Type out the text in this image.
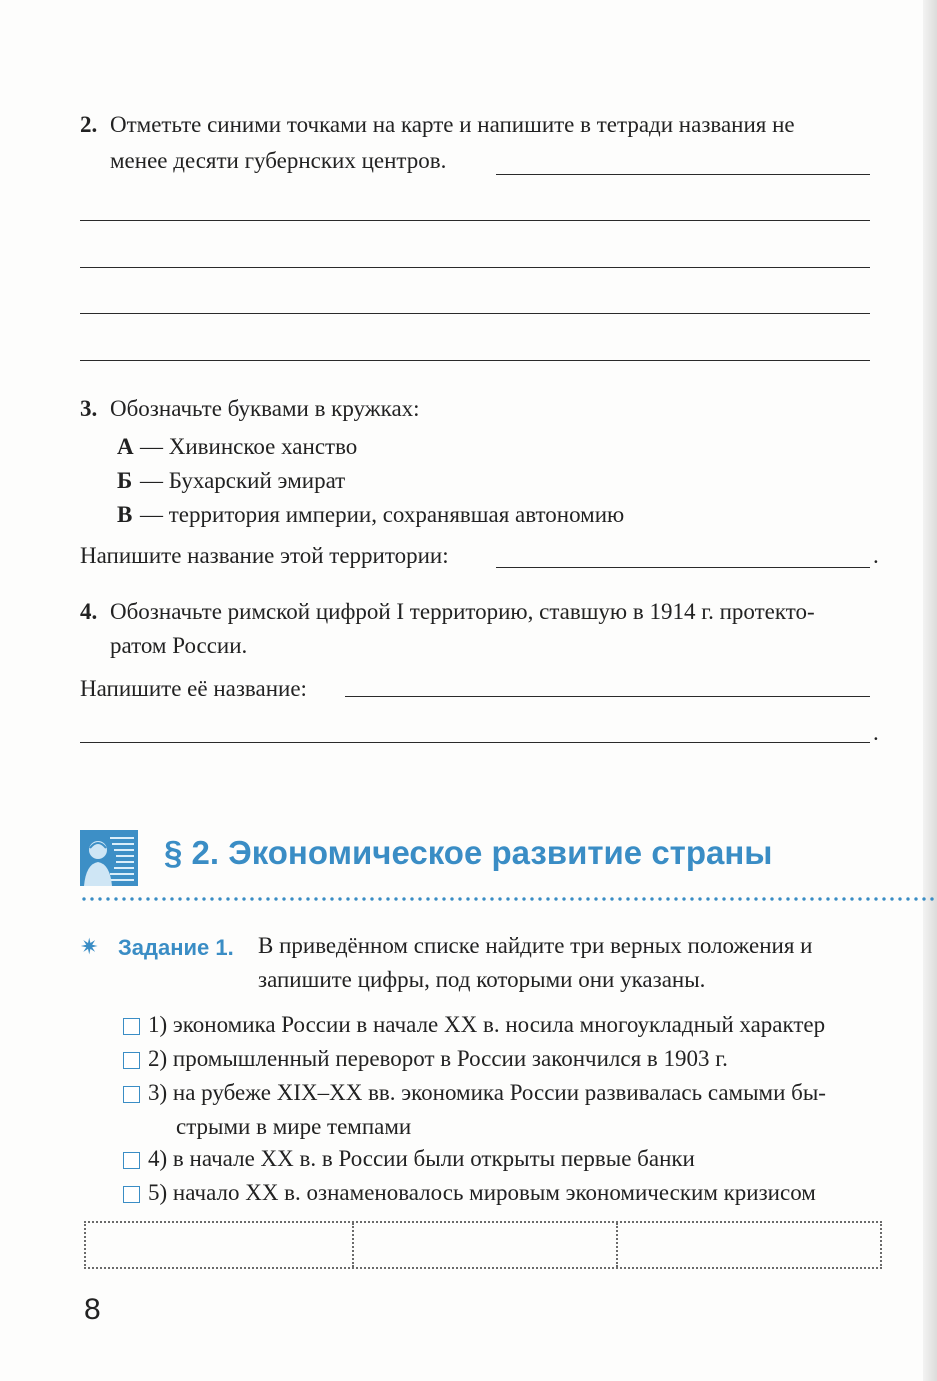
2. Отметьте синими точками на карте и напишите в тетради названия не
менее десяти губернских центров.
3. Обозначьте буквами в кружках:
А — Хивинское ханство
Б — Бухарский эмират
В — территория империи, сохранявшая автономию
Напишите название этой территории:	.
4. Обозначьте римской цифрой I территорию, ставшую в 1914 г. протекто-
ратом России.
Напишите её название:
.
§ 2. Экономическое развитие страны
✷ Задание 1. В приведённом списке найдите три верных положения и
запишите цифры, под которыми они указаны.
1) экономика России в начале XX в. носила многоукладный характер
2) промышленный переворот в России закончился в 1903 г.
3) на рубеже XIX–XX вв. экономика России развивалась самыми бы-
стрыми в мире темпами
4) в начале XX в. в России были открыты первые банки
5) начало XX в. ознаменовалось мировым экономическим кризисом
8
